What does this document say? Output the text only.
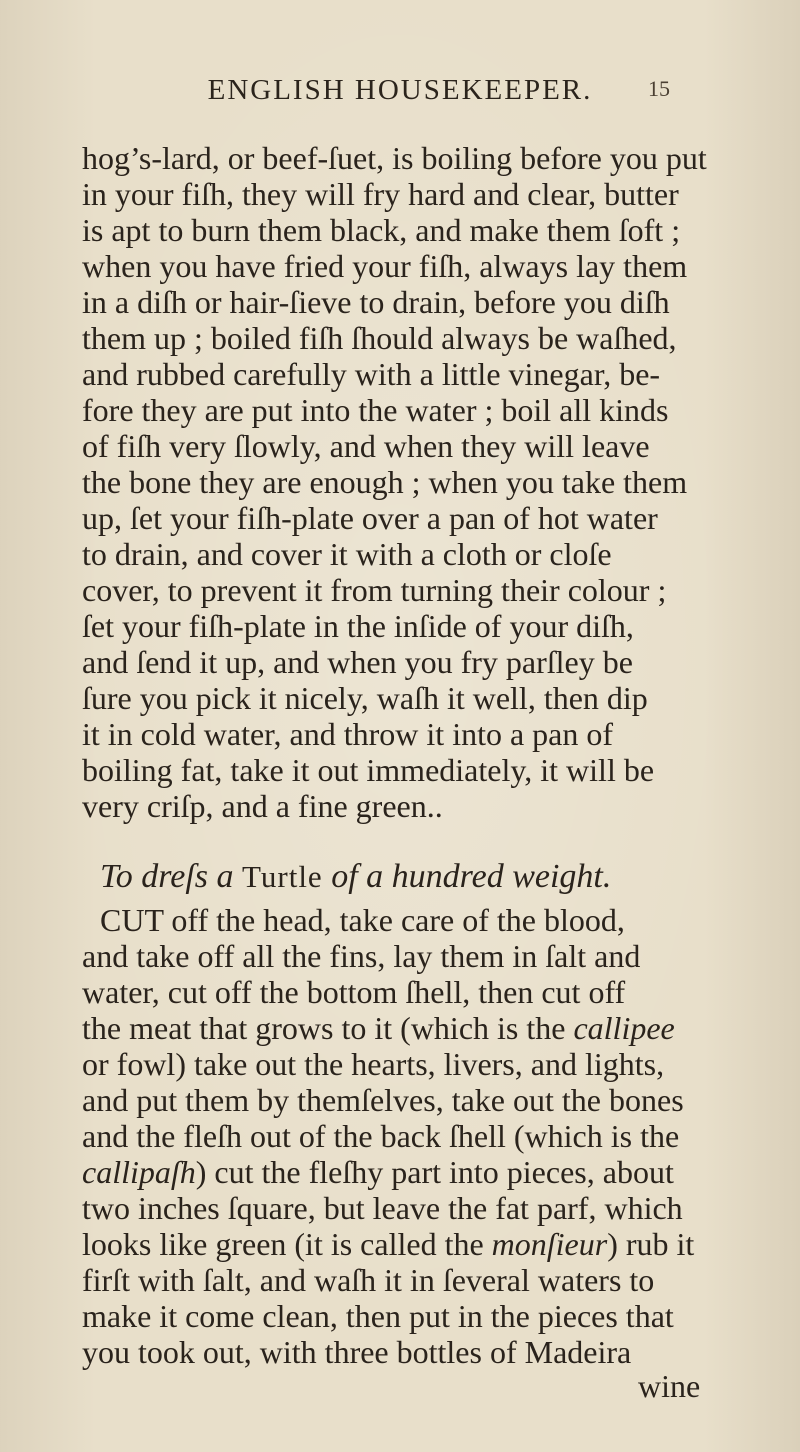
ENGLISH HOUSEKEEPER.	15
hog’s-lard, or beef-ſuet, is boiling before you put
in your fiſh, they will fry hard and clear, butter
is apt to burn them black, and make them ſoft ;
when you have fried your fiſh, always lay them
in a diſh or hair-ſieve to drain, before you diſh
them up ; boiled fiſh ſhould always be waſhed,
and rubbed carefully with a little vinegar, be-
fore they are put into the water ; boil all kinds
of fiſh very ſlowly, and when they will leave
the bone they are enough ; when you take them
up, ſet your fiſh-plate over a pan of hot water
to drain, and cover it with a cloth or cloſe
cover, to prevent it from turning their colour ;
ſet your fiſh-plate in the inſide of your diſh,
and ſend it up, and when you fry parſley be
ſure you pick it nicely, waſh it well, then dip
it in cold water, and throw it into a pan of
boiling fat, take it out immediately, it will be
very criſp, and a fine green..
To dreſs a Turtle of a hundred weight.
CUT off the head, take care of the blood,
and take off all the fins, lay them in ſalt and
water, cut off the bottom ſhell, then cut off
the meat that grows to it (which is the callipee
or fowl) take out the hearts, livers, and lights,
and put them by themſelves, take out the bones
and the fleſh out of the back ſhell (which is the
callipaſh) cut the fleſhy part into pieces, about
two inches ſquare, but leave the fat parf, which
looks like green (it is called the monſieur) rub it
firſt with ſalt, and waſh it in ſeveral waters to
make it come clean, then put in the pieces that
you took out, with three bottles of Madeira
wine
